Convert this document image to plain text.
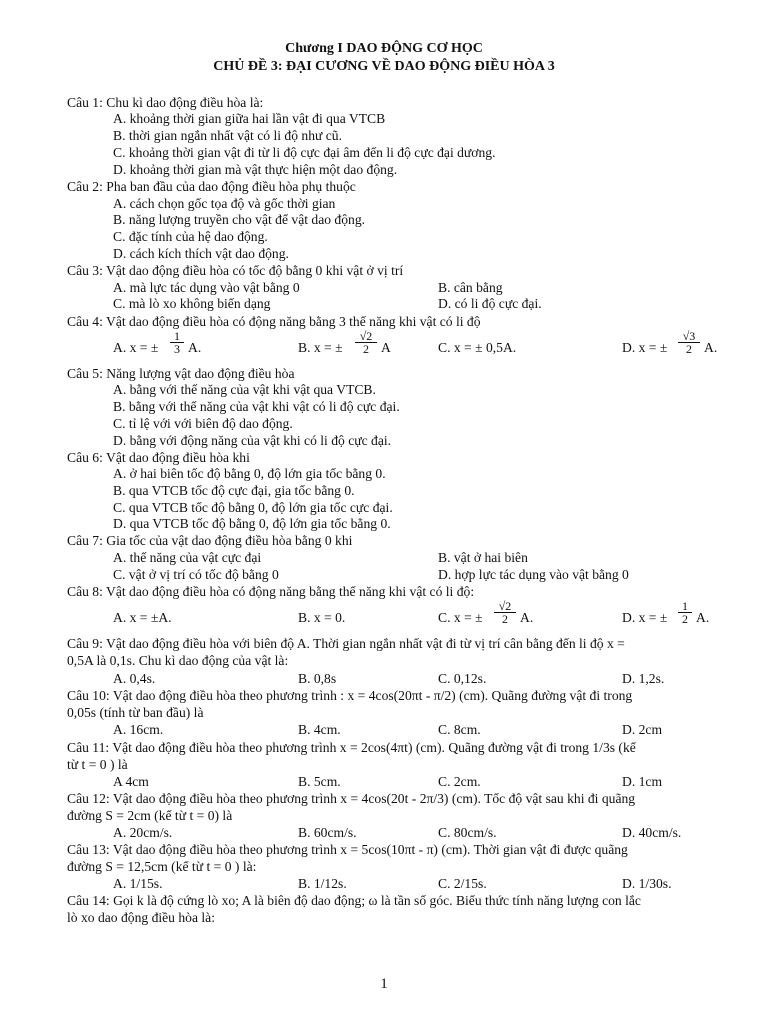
Chương I DAO ĐỘNG CƠ HỌC
CHỦ ĐỀ 3: ĐẠI CƯƠNG VỀ DAO ĐỘNG ĐIỀU HÒA 3
Câu 1: Chu kì dao động điều hòa là:
A. khoảng thời gian giữa hai lần vật đi qua VTCB
B. thời gian ngắn nhất vật có li độ như cũ.
C. khoảng thời gian vật đi từ li độ cực đại âm đến li độ cực đại dương.
D. khoảng thời gian mà vật thực hiện một dao động.
Câu 2: Pha ban đầu của dao động điều hòa phụ thuộc
A. cách chọn gốc tọa độ và gốc thời gian
B. năng lượng truyền cho vật để vật dao động.
C. đặc tính của hệ dao động.
D. cách kích thích vật dao động.
Câu 3: Vật dao động điều hòa có tốc độ bằng 0 khi vật ở vị trí
A. mà lực tác dụng vào vật bằng 0	B. cân bằng
C. mà lò xo không biến dạng	D. có li độ cực đại.
Câu 4: Vật dao động điều hòa có động năng bằng 3 thế năng khi vật có li độ
A. x = ± $\frac{1}{3} A$.	B. x = ± $\frac{√2}{2}$ A	C. x = ± 0,5A.	D. x = ± $\frac{√3}{2} A$.
Câu 5: Năng lượng vật dao động điều hòa
A. bằng với thế năng của vật khi vật qua VTCB.
B. bằng với thế năng của vật khi vật có li độ cực đại.
C. tỉ lệ với với biên độ dao động.
D. bằng với động năng của vật khi có li độ cực đại.
Câu 6: Vật dao động điều hòa khi
A. ở hai biên tốc độ bằng 0, độ lớn gia tốc bằng 0.
B. qua VTCB tốc độ cực đại, gia tốc bằng 0.
C. qua VTCB tốc độ bằng 0, độ lớn gia tốc cực đại.
D. qua VTCB tốc độ bằng 0, độ lớn gia tốc bằng 0.
Câu 7: Gia tốc của vật dao động điều hòa bằng 0 khi
A. thế năng của vật cực đại	B. vật ở hai biên
C. vật ở vị trí có tốc độ bằng 0	D. hợp lực tác dụng vào vật bằng 0
Câu 8: Vật dao động điều hòa có động năng bằng thế năng khi vật có li độ:
A. x = ±A.	B. x = 0.	C. x = ± $\frac{√2}{2} A$.	D. x = ± $\frac{1}{2} A$.
Câu 9: Vật dao động điều hòa với biên độ A. Thời gian ngắn nhất vật đi từ vị trí cân bằng đến li độ x =
0,5A là 0,1s. Chu kì dao động của vật là:
A. 0,4s.	B. 0,8s	C. 0,12s.	D. 1,2s.
Câu 10: Vật dao động điều hòa theo phương trình : x = 4cos(20πt - π/2) (cm). Quãng đường vật đi trong
0,05s (tính từ ban đầu) là
A. 16cm.	B. 4cm.	C. 8cm.	D. 2cm
Câu 11: Vật dao động điều hòa theo phương trình x = 2cos(4πt) (cm). Quãng đường vật đi trong 1/3s (kể
từ t = 0 ) là
A 4cm	B. 5cm.	C. 2cm.	D. 1cm
Câu 12: Vật dao động điều hòa theo phương trình x = 4cos(20t - 2π/3) (cm). Tốc độ vật sau khi đi quãng
đường S = 2cm (kể từ t = 0) là
A. 20cm/s.	B. 60cm/s.	C. 80cm/s.	D. 40cm/s.
Câu 13: Vật dao động điều hòa theo phương trình x = 5cos(10πt - π) (cm). Thời gian vật đi được quãng
đường S = 12,5cm (kể từ t = 0 ) là:
A. 1/15s.	B. 1/12s.	C. 2/15s.	D. 1/30s.
Câu 14: Gọi k là độ cứng lò xo; A là biên độ dao động; ω là tần số góc. Biểu thức tính năng lượng con lắc
lò xo dao động điều hòa là:
1
